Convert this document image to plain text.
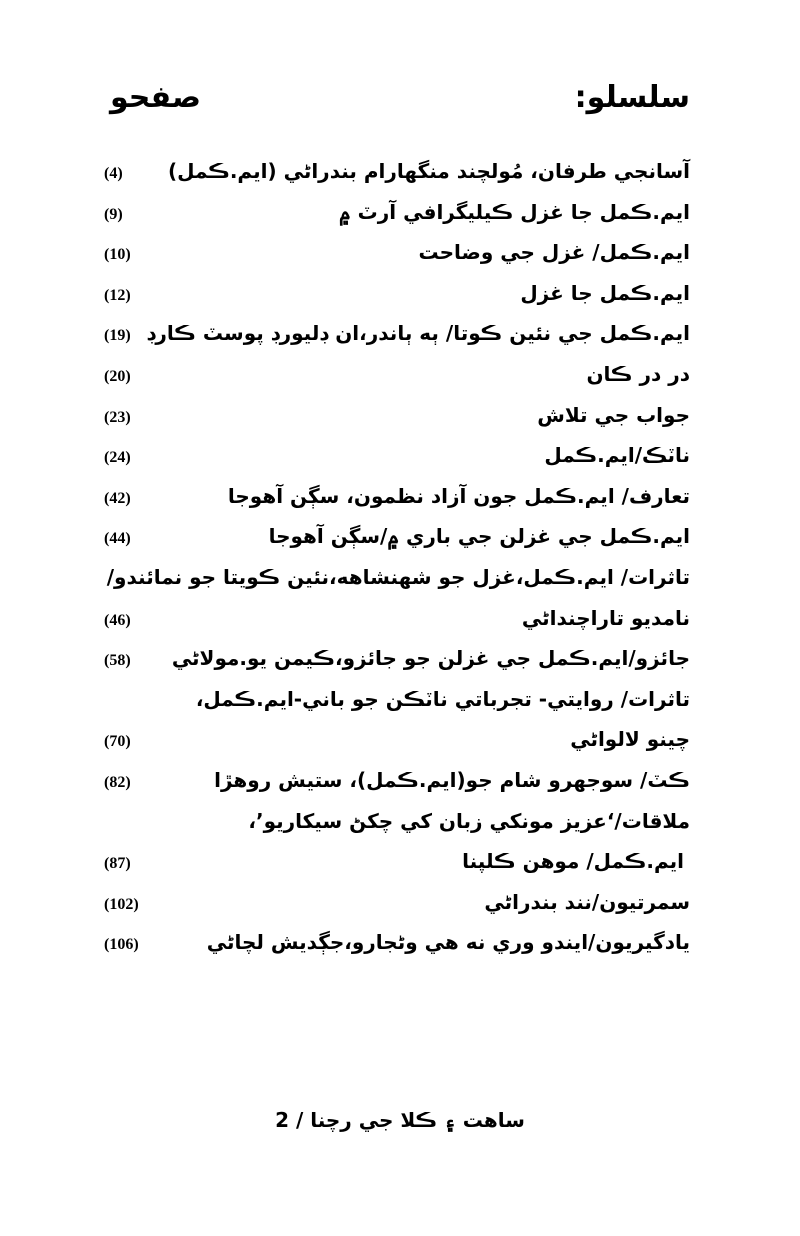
سلسلو:
صفحو
آسانجي طرفان، مُولچند منگھارام بندراڻي (ايم.ڪمل)
(4)
ايم.ڪمل جا غزل ڪيليگرافي آرٽ ۾
(9)
ايم.ڪمل/ غزل جي وضاحت
(10)
ايم.ڪمل جا غزل
(12)
ايم.ڪمل جي نئين ڪوتا/ ٻه ٻاندر،ان ڊليورڊ پوسٽ ڪارڊ
(19)
در در ڪان
(20)
جواب جي تلاش
(23)
ناٽڪ/ايم.ڪمل
(24)
تعارف/ ايم.ڪمل جون آزاد نظمون، سڳن آهوجا
(42)
ايم.ڪمل جي غزلن جي باري ۾/سڳن آهوجا
(44)
تاثرات/ ايم.ڪمل،غزل جو شهنشاهه،نئين ڪويتا جو نمائندو/
نامديو تاراچنداڻي
(46)
جائزو/ايم.ڪمل جي غزلن جو جائزو،ڪيمن يو.مولاڻي
(58)
تاثرات/ روايتي- تجرباتي ناٽڪن جو باني-ايم.ڪمل،
چينو لالواڻي
(70)
ڪٽ/ سوجهرو شام جو(ايم.ڪمل)، ستيش روهڙا
(82)
ملاقات/‘عزيز مونکي زبان کي چکڻ سيکاريو’،
ايم.ڪمل/ موهن ڪلپنا
(87)
سمرتيون/نند بندراڻي
(102)
يادگيريون/ايندو وري نه هي وڻجارو،جڳديش لچاڻي
(106)
ساهت ۽ ڪلا جي رچنا / 2
